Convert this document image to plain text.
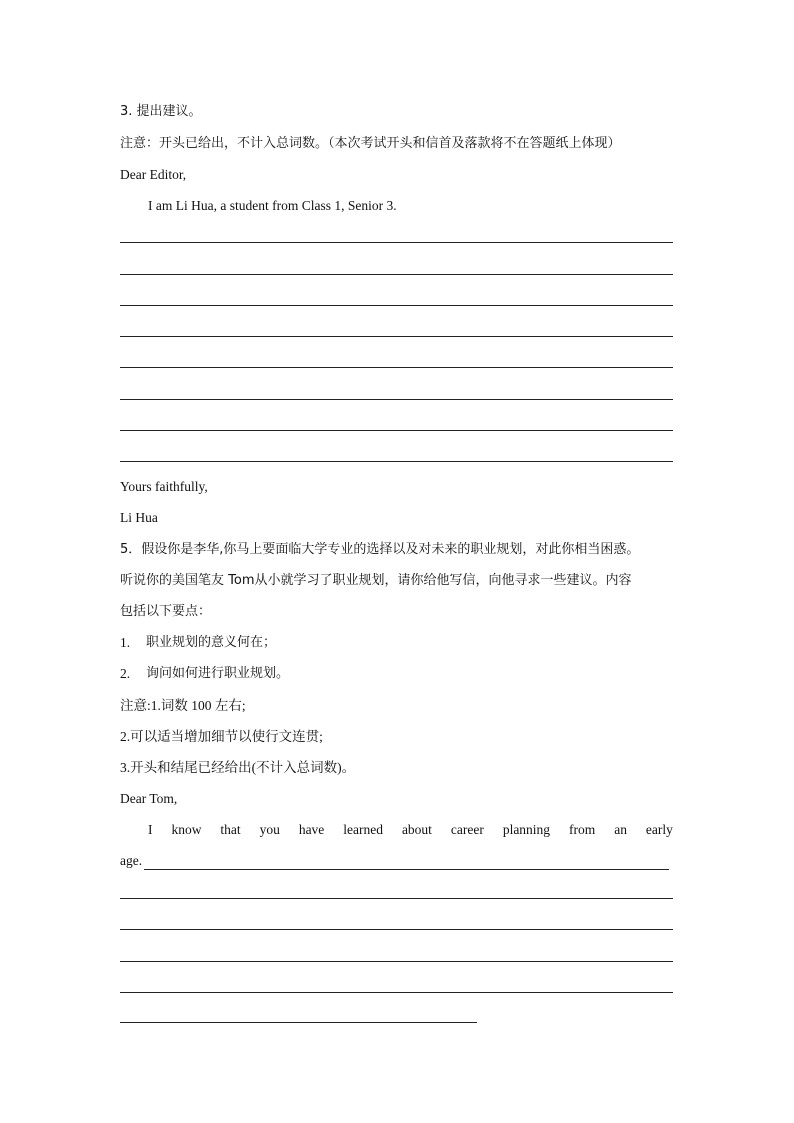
3. 提出建议。
注意：开头已给出，不计入总词数。（本次考试开头和信首及落款将不在答题纸上体现）
Dear Editor,
I am Li Hua, a student from Class 1, Senior 3.
Yours faithfully,
Li Hua
5．假设你是李华,你马上要面临大学专业的选择以及对未来的职业规划，对此你相当困惑。
听说你的美国笔友 Tom从小就学习了职业规划，请你给他写信，向他寻求一些建议。内容
包括以下要点：
1. 职业规划的意义何在；
2. 询问如何进行职业规划。
注意:1.词数 100 左右;
2.可以适当增加细节以使行文连贯;
3.开头和结尾已经给出(不计入总词数)。
Dear Tom,
I know that you have learned about career planning from an early
age.
